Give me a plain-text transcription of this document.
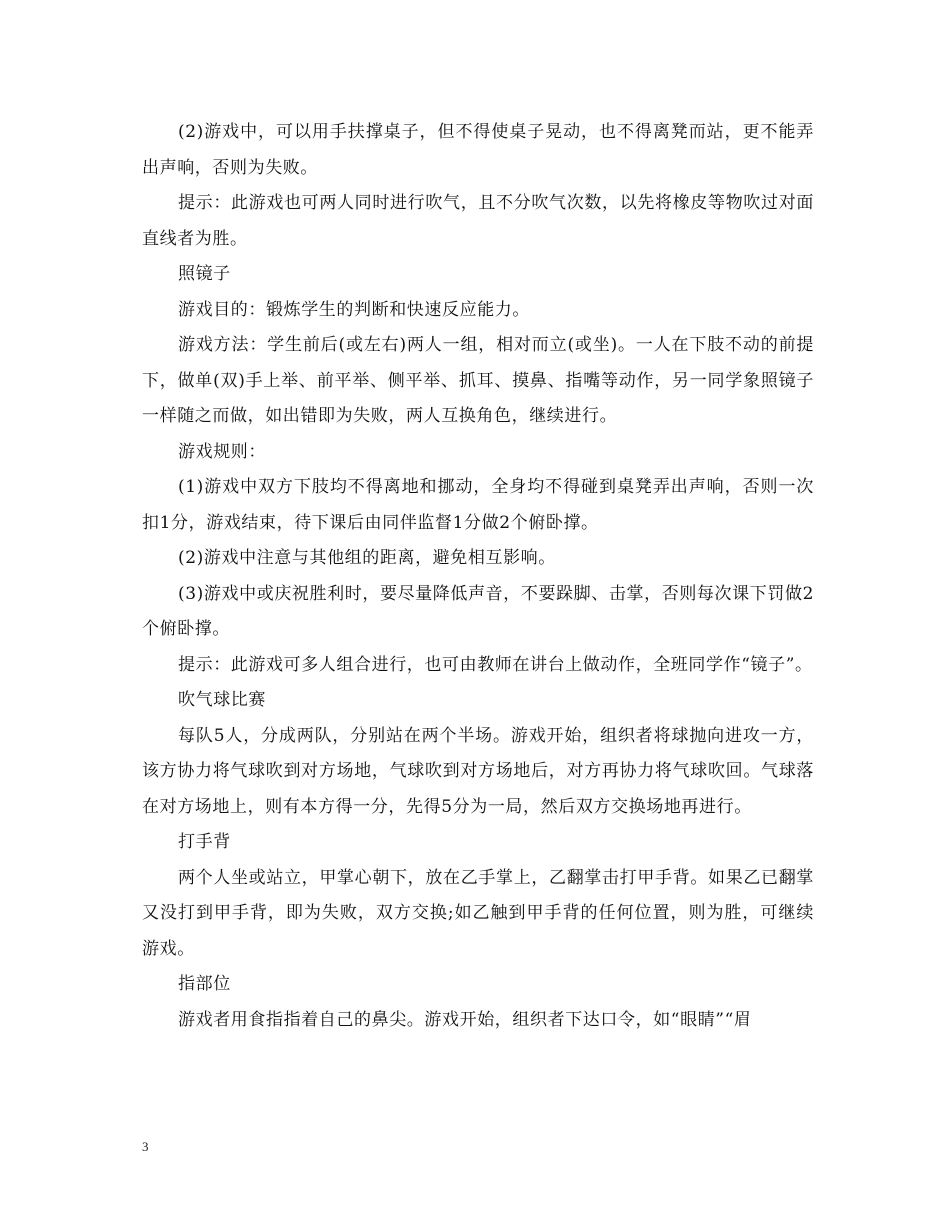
(2)游戏中，可以用手扶撑桌子，但不得使桌子晃动，也不得离凳而站，更不能弄出声响，否则为失败。

提示：此游戏也可两人同时进行吹气，且不分吹气次数，以先将橡皮等物吹过对面直线者为胜。

照镜子

游戏目的：锻炼学生的判断和快速反应能力。

游戏方法：学生前后(或左右)两人一组，相对而立(或坐)。一人在下肢不动的前提下，做单(双)手上举、前平举、侧平举、抓耳、摸鼻、指嘴等动作，另一同学象照镜子一样随之而做，如出错即为失败，两人互换角色，继续进行。

游戏规则：

(1)游戏中双方下肢均不得离地和挪动，全身均不得碰到桌凳弄出声响，否则一次扣1分，游戏结束，待下课后由同伴监督1分做2个俯卧撑。

(2)游戏中注意与其他组的距离，避免相互影响。

(3)游戏中或庆祝胜利时，要尽量降低声音，不要跺脚、击掌，否则每次课下罚做2个俯卧撑。

提示：此游戏可多人组合进行，也可由教师在讲台上做动作，全班同学作“镜子”。

吹气球比赛

每队5人，分成两队，分别站在两个半场。游戏开始，组织者将球抛向进攻一方，该方协力将气球吹到对方场地，气球吹到对方场地后，对方再协力将气球吹回。气球落在对方场地上，则有本方得一分，先得5分为一局，然后双方交换场地再进行。

打手背

两个人坐或站立，甲掌心朝下，放在乙手掌上，乙翻掌击打甲手背。如果乙已翻掌又没打到甲手背，即为失败，双方交换;如乙触到甲手背的任何位置，则为胜，可继续游戏。

指部位

游戏者用食指指着自己的鼻尖。游戏开始，组织者下达口令，如“眼睛”“眉

3
